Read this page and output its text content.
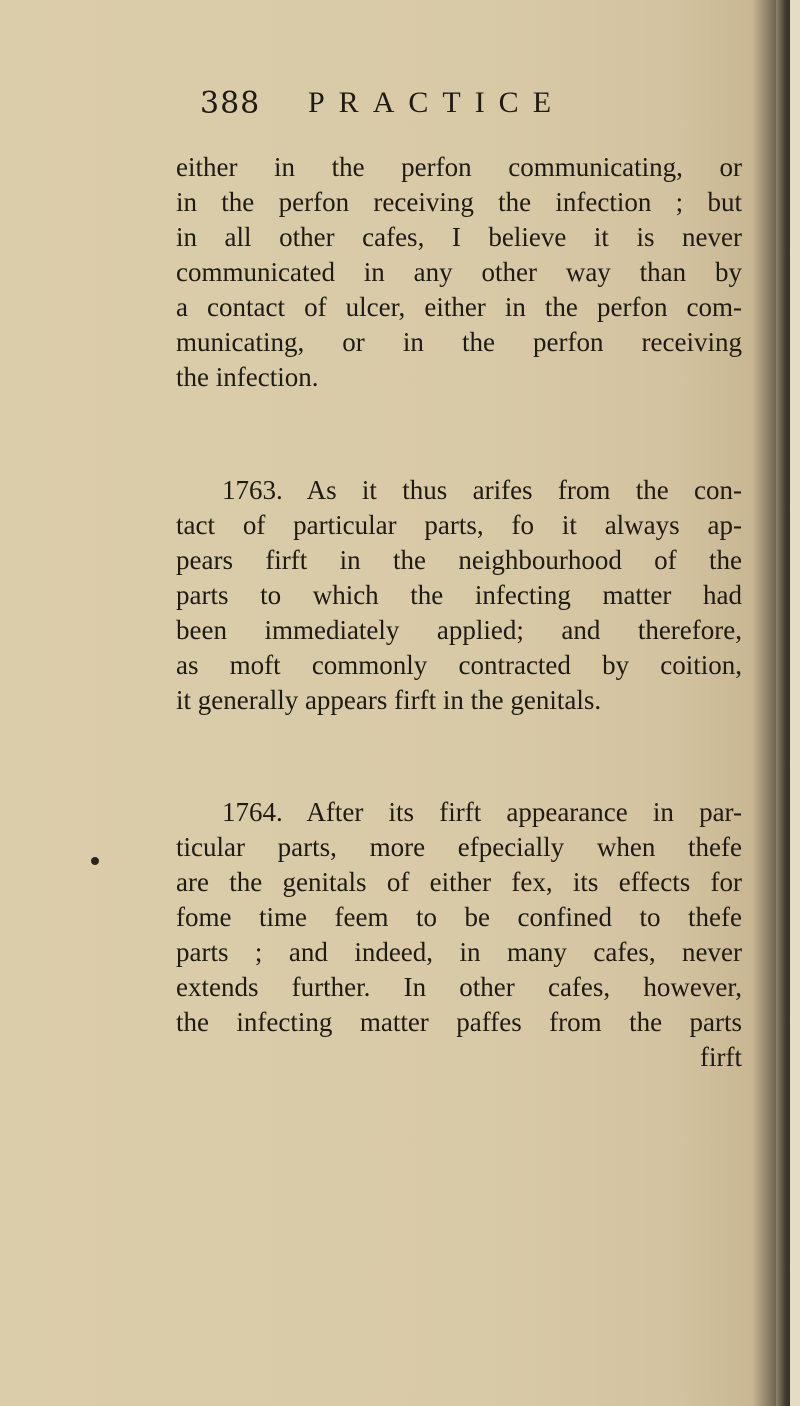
388 PRACTICE
either in the perfon communicating, or
in the perfon receiving the infection ; but
in all other cafes, I believe it is never
communicated in any other way than by
a contact of ulcer, either in the perfon com-
municating, or in the perfon receiving
the infection.
1763. As it thus arifes from the con-
tact of particular parts, fo it always ap-
pears firft in the neighbourhood of the
parts to which the infecting matter had
been immediately applied; and therefore,
as moft commonly contracted by coition,
it generally appears firft in the genitals.
1764. After its firft appearance in par-
ticular parts, more efpecially when thefe
are the genitals of either fex, its effects for
fome time feem to be confined to thefe
parts ; and indeed, in many cafes, never
extends further. In other cafes, however,
the infecting matter paffes from the parts
firft
